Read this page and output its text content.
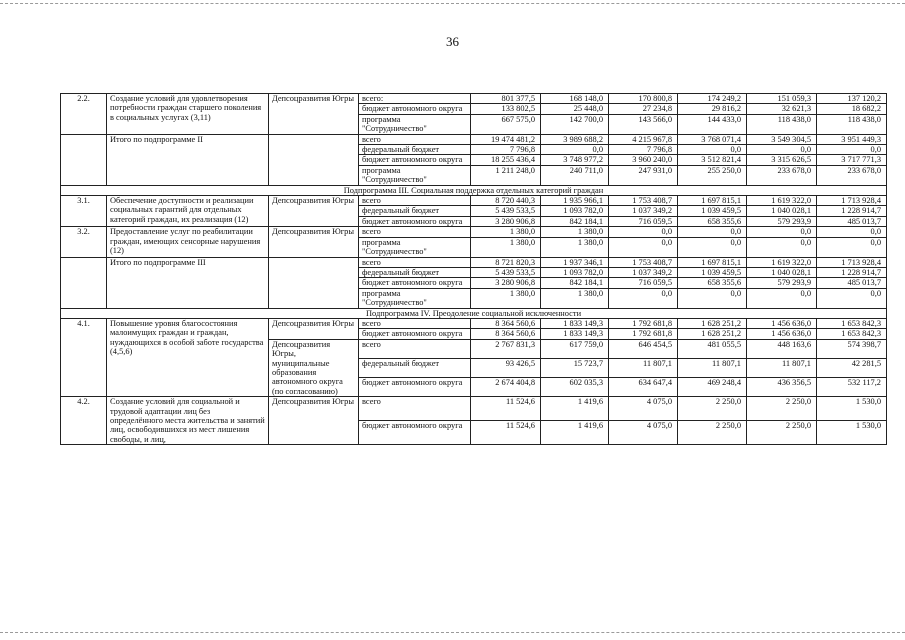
36
2.2.	Создание условий для удовлетворения потребности граждан старшего поколения в социальных услугах (3,11)	Депсоцразвития Югры	всего:	801 377,5	168 148,0	170 800,8	174 249,2	151 059,3	137 120,2
			бюджет автономного округа	133 802,5	25 448,0	27 234,8	29 816,2	32 621,3	18 682,2
			программа "Сотрудничество"	667 575,0	142 700,0	143 566,0	144 433,0	118 438,0	118 438,0
	Итого по подпрограмме II		всего	19 474 481,2	3 989 688,2	4 215 967,8	3 768 071,4	3 549 304,5	3 951 449,3
			федеральный бюджет	7 796,8	0,0	7 796,8	0,0	0,0	0,0
			бюджет автономного округа	18 255 436,4	3 748 977,2	3 960 240,0	3 512 821,4	3 315 626,5	3 717 771,3
			программа "Сотрудничество"	1 211 248,0	240 711,0	247 931,0	255 250,0	233 678,0	233 678,0
Подпрограмма III. Социальная поддержка отдельных категорий граждан									
3.1.	Обеспечение доступности и реализации социальных гарантий для отдельных категорий граждан, их реализация (12)	Депсоцразвития Югры	всего	8 720 440,3	1 935 966,1	1 753 408,7	1 697 815,1	1 619 322,0	1 713 928,4
			федеральный бюджет	5 439 533,5	1 093 782,0	1 037 349,2	1 039 459,5	1 040 028,1	1 228 914,7
			бюджет автономного округа	3 280 906,8	842 184,1	716 059,5	658 355,6	579 293,9	485 013,7
3.2.	Предоставление услуг по реабилитации граждан, имеющих сенсорные нарушения (12)	Депсоцразвития Югры	всего	1 380,0	1 380,0	0,0	0,0	0,0	0,0
			программа "Сотрудничество"	1 380,0	1 380,0	0,0	0,0	0,0	0,0
	Итого по подпрограмме III		всего	8 721 820,3	1 937 346,1	1 753 408,7	1 697 815,1	1 619 322,0	1 713 928,4
			федеральный бюджет	5 439 533,5	1 093 782,0	1 037 349,2	1 039 459,5	1 040 028,1	1 228 914,7
			бюджет автономного округа	3 280 906,8	842 184,1	716 059,5	658 355,6	579 293,9	485 013,7
			программа "Сотрудничество"	1 380,0	1 380,0	0,0	0,0	0,0	0,0
Подпрограмма IV. Преодоление социальной исключенности									
4.1.	Повышение уровня благосостояния малоимущих граждан и граждан, нуждающихся в особой заботе государства (4,5,6)	Депсоцразвития Югры	всего	8 364 560,6	1 833 149,3	1 792 681,8	1 628 251,2	1 456 636,0	1 653 842,3
			бюджет автономного округа	8 364 560,6	1 833 149,3	1 792 681,8	1 628 251,2	1 456 636,0	1 653 842,3
		Депсоцразвития Югры, муниципальные образования автономного округа (по согласованию)	всего	2 767 831,3	617 759,0	646 454,5	481 055,5	448 163,6	574 398,7
			федеральный бюджет	93 426,5	15 723,7	11 807,1	11 807,1	11 807,1	42 281,5
			бюджет автономного округа	2 674 404,8	602 035,3	634 647,4	469 248,4	436 356,5	532 117,2
4.2.	Создание условий для социальной и трудовой адаптации лиц без определённого места жительства и занятий лиц, освободившихся из мест лишения свободы, и лиц,	Депсоцразвития Югры	всего	11 524,6	1 419,6	4 075,0	2 250,0	2 250,0	1 530,0
			бюджет автономного округа	11 524,6	1 419,6	4 075,0	2 250,0	2 250,0	1 530,0
